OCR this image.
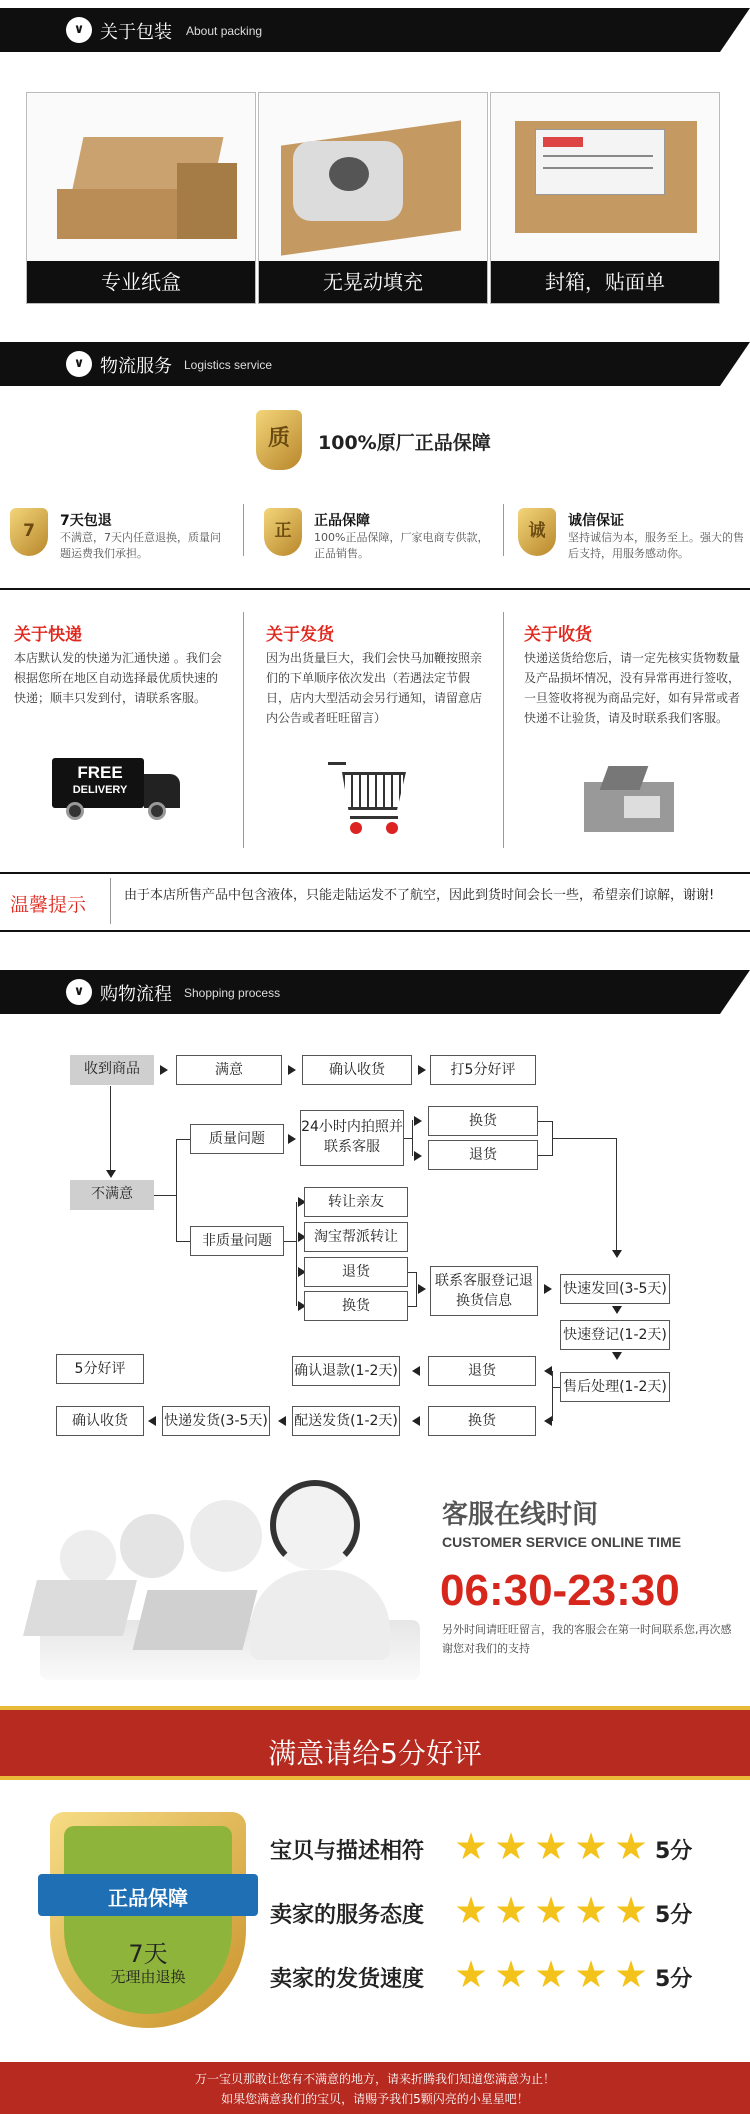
∨ 关于包装 About packing
专业纸盒	无晃动填充	封箱，贴面单
∨ 物流服务 Logistics service
质	100%原厂正品保障
7	7天包退
不满意，7天内任意退换，质量问题运费我们承担。
正	正品保障
100%正品保障，厂家电商专供款，正品销售。
诚	诚信保证
坚持诚信为本，服务至上。强大的售后支持，用服务感动你。
关于快递
本店默认发的快递为汇通快递 。我们会根据您所在地区自动选择最优质快速的快递；顺丰只发到付，请联系客服。
关于发货
因为出货量巨大，我们会快马加鞭按照亲们的下单顺序依次发出（若遇法定节假日，店内大型活动会另行通知，请留意店内公告或者旺旺留言）
关于收货
快递送货给您后，请一定先核实货物数量及产品损坏情况，没有异常再进行签收，一旦签收将视为商品完好，如有异常或者快递不让验货，请及时联系我们客服。
FREE
DELIVERY
温馨提示	由于本店所售产品中包含液体，只能走陆运发不了航空，因此到货时间会长一些，希望亲们谅解，谢谢!
∨ 购物流程 Shopping process
收到商品	满意	确认收货	打5分好评
不满意
质量问题
24小时内拍照并联系客服
换货
退货
非质量问题
转让亲友
淘宝帮派转让
退货
换货
联系客服登记退换货信息
快速发回(3-5天)
快速登记(1-2天)
售后处理(1-2天)
退货
换货
确认退款(1-2天)
配送发货(1-2天)
快递发货(3-5天)
确认收货
5分好评
客服在线时间
CUSTOMER SERVICE ONLINE TIME
06:30-23:30
另外时间请旺旺留言，我的客服会在第一时间联系您,再次感谢您对我们的支持
满意请给5分好评
正品保障
7天
无理由退换
宝贝与描述相符	5分
卖家的服务态度	5分
卖家的发货速度	5分
万一宝贝那敢让您有不满意的地方，请来折腾我们知道您满意为止！
如果您满意我们的宝贝，请赐予我们5颗闪亮的小星星吧！
